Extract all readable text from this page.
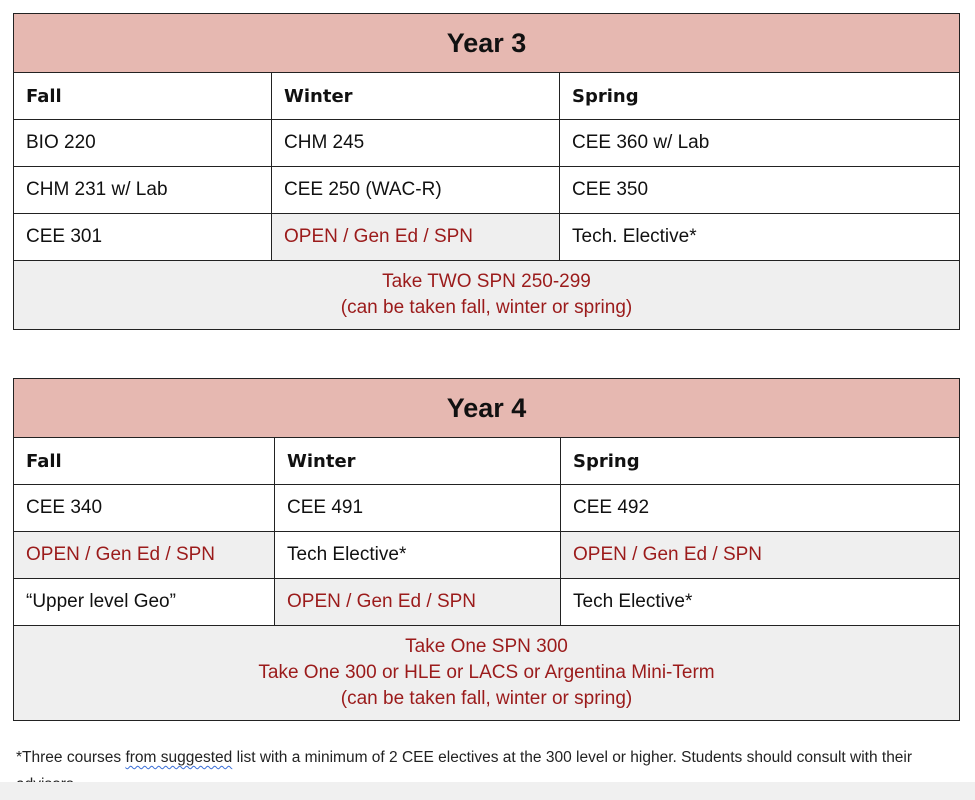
Year 3		
Fall	Winter	Spring
BIO 220	CHM 245	CEE 360 w/ Lab
CHM 231 w/ Lab	CEE 250 (WAC-R)	CEE 350
CEE 301	OPEN / Gen Ed / SPN	Tech. Elective*

Take TWO SPN 250-299
(can be taken fall, winter or spring)		
Year 4		
Fall	Winter	Spring
CEE 340	CEE 491	CEE 492
OPEN / Gen Ed / SPN	Tech Elective*	OPEN / Gen Ed / SPN
“Upper level Geo”	OPEN / Gen Ed / SPN	Tech Elective*

Take One SPN 300
Take One 300 or HLE or LACS or Argentina Mini-Term
(can be taken fall, winter or spring)		
*Three courses from suggested list with a minimum of 2 CEE electives at the 300 level or higher. Students should consult with their
